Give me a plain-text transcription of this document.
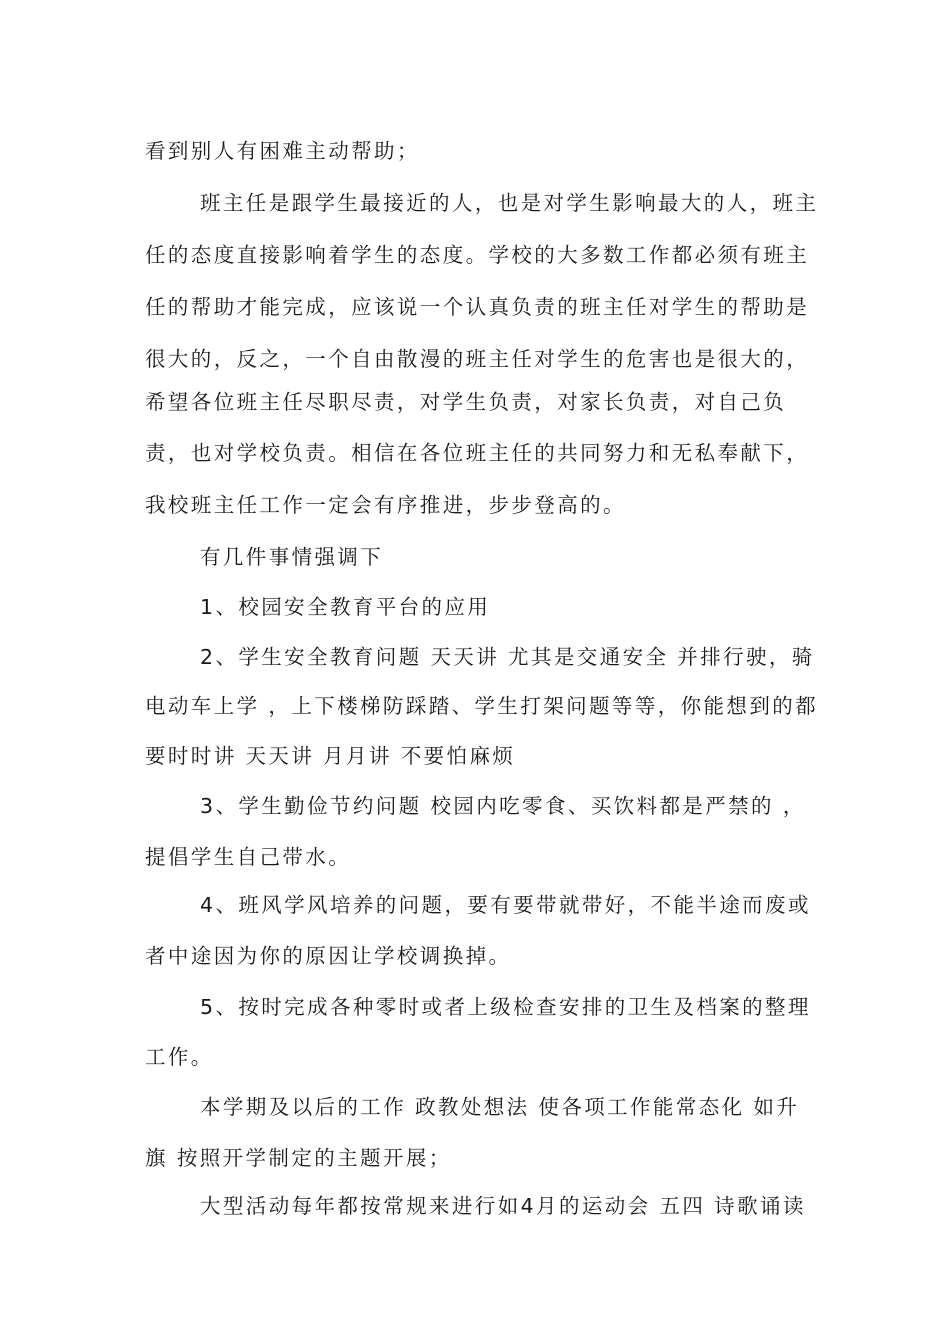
看到别人有困难主动帮助；
班主任是跟学生最接近的人，也是对学生影响最大的人，班主
任的态度直接影响着学生的态度。学校的大多数工作都必须有班主
任的帮助才能完成，应该说一个认真负责的班主任对学生的帮助是
很大的，反之，一个自由散漫的班主任对学生的危害也是很大的，
希望各位班主任尽职尽责，对学生负责，对家长负责，对自己负
责，也对学校负责。相信在各位班主任的共同努力和无私奉献下，
我校班主任工作一定会有序推进，步步登高的。
有几件事情强调下
1、校园安全教育平台的应用
2、学生安全教育问题 天天讲 尤其是交通安全 并排行驶，骑
电动车上学 ，上下楼梯防踩踏、学生打架问题等等，你能想到的都
要时时讲 天天讲 月月讲 不要怕麻烦
3、学生勤俭节约问题 校园内吃零食、买饮料都是严禁的 ，
提倡学生自己带水。
4、班风学风培养的问题，要有要带就带好，不能半途而废或
者中途因为你的原因让学校调换掉。
5、按时完成各种零时或者上级检查安排的卫生及档案的整理
工作。
本学期及以后的工作 政教处想法 使各项工作能常态化 如升
旗 按照开学制定的主题开展；
大型活动每年都按常规来进行如4月的运动会 五四 诗歌诵读
